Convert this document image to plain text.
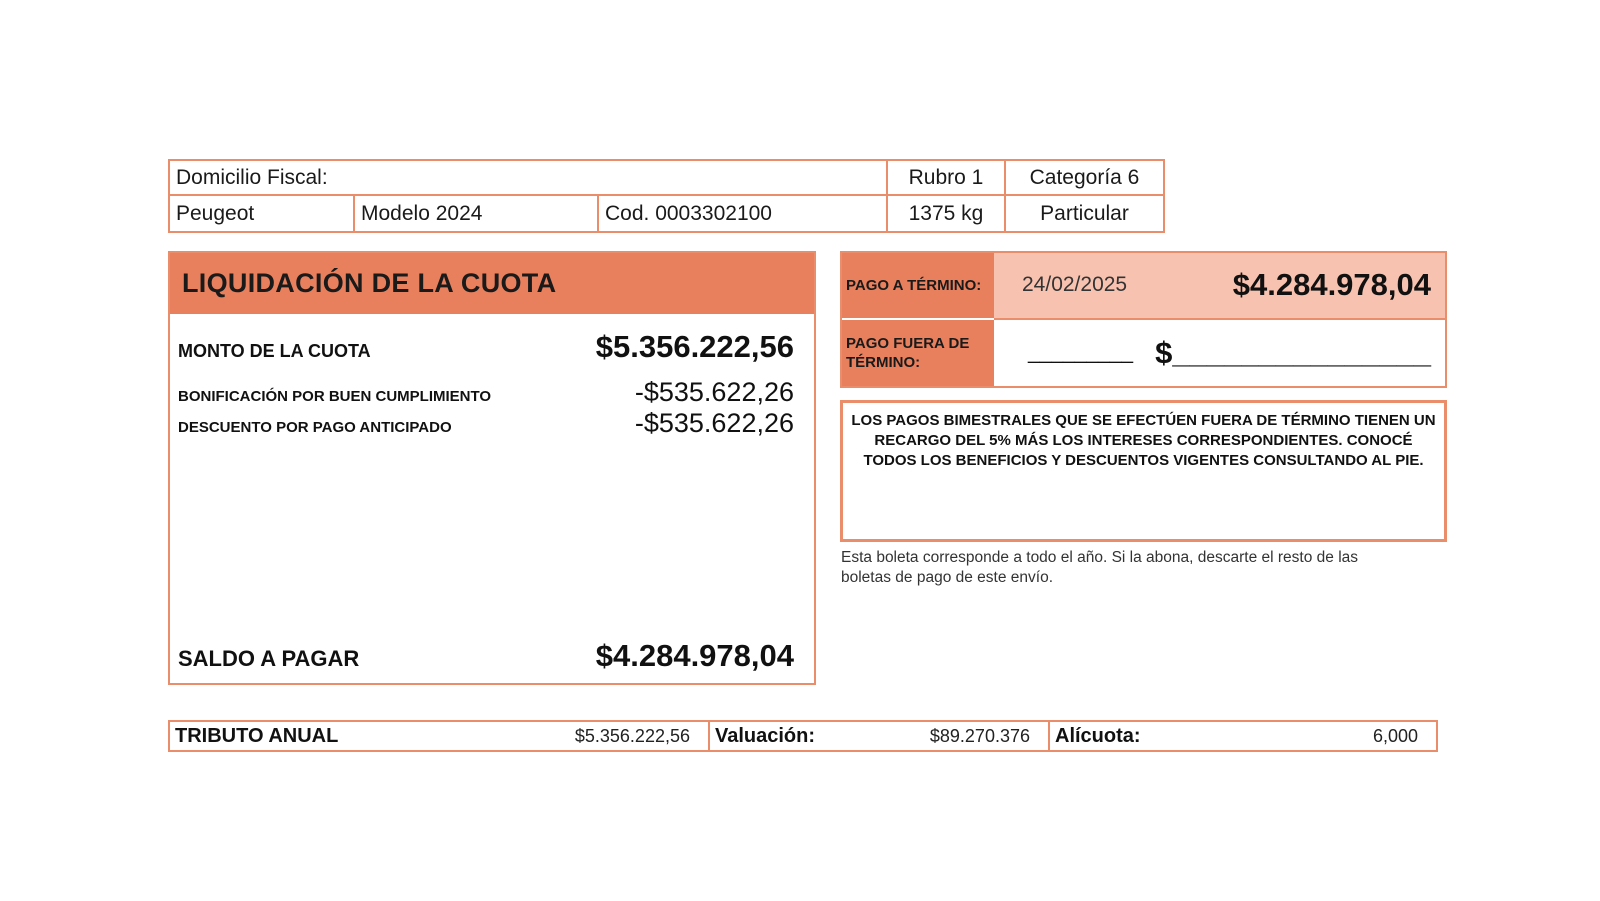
Domicilio Fiscal:	Rubro 1	Categoría 6
Peugeot	Modelo 2024	Cod. 0003302100	1375 kg	Particular
LIQUIDACIÓN DE LA CUOTA
MONTO DE LA CUOTA	$5.356.222,56
BONIFICACIÓN POR BUEN CUMPLIMIENTO	-$535.622,26
DESCUENTO POR PAGO ANTICIPADO	-$535.622,26
SALDO A PAGAR	$4.284.978,04
PAGO A TÉRMINO:	24/02/2025	$4.284.978,04
PAGO FUERA DE TÉRMINO:	_________ $_______________
LOS PAGOS BIMESTRALES QUE SE EFECTÚEN FUERA DE TÉRMINO TIENEN UN RECARGO DEL 5% MÁS LOS INTERESES CORRESPONDIENTES. CONOCÉ TODOS LOS BENEFICIOS Y DESCUENTOS VIGENTES CONSULTANDO AL PIE.
Esta boleta corresponde a todo el año. Si la abona, descarte el resto de las boletas de pago de este envío.
TRIBUTO ANUAL	$5.356.222,56 Valuación:	$89.270.376 Alícuota:	6,000
